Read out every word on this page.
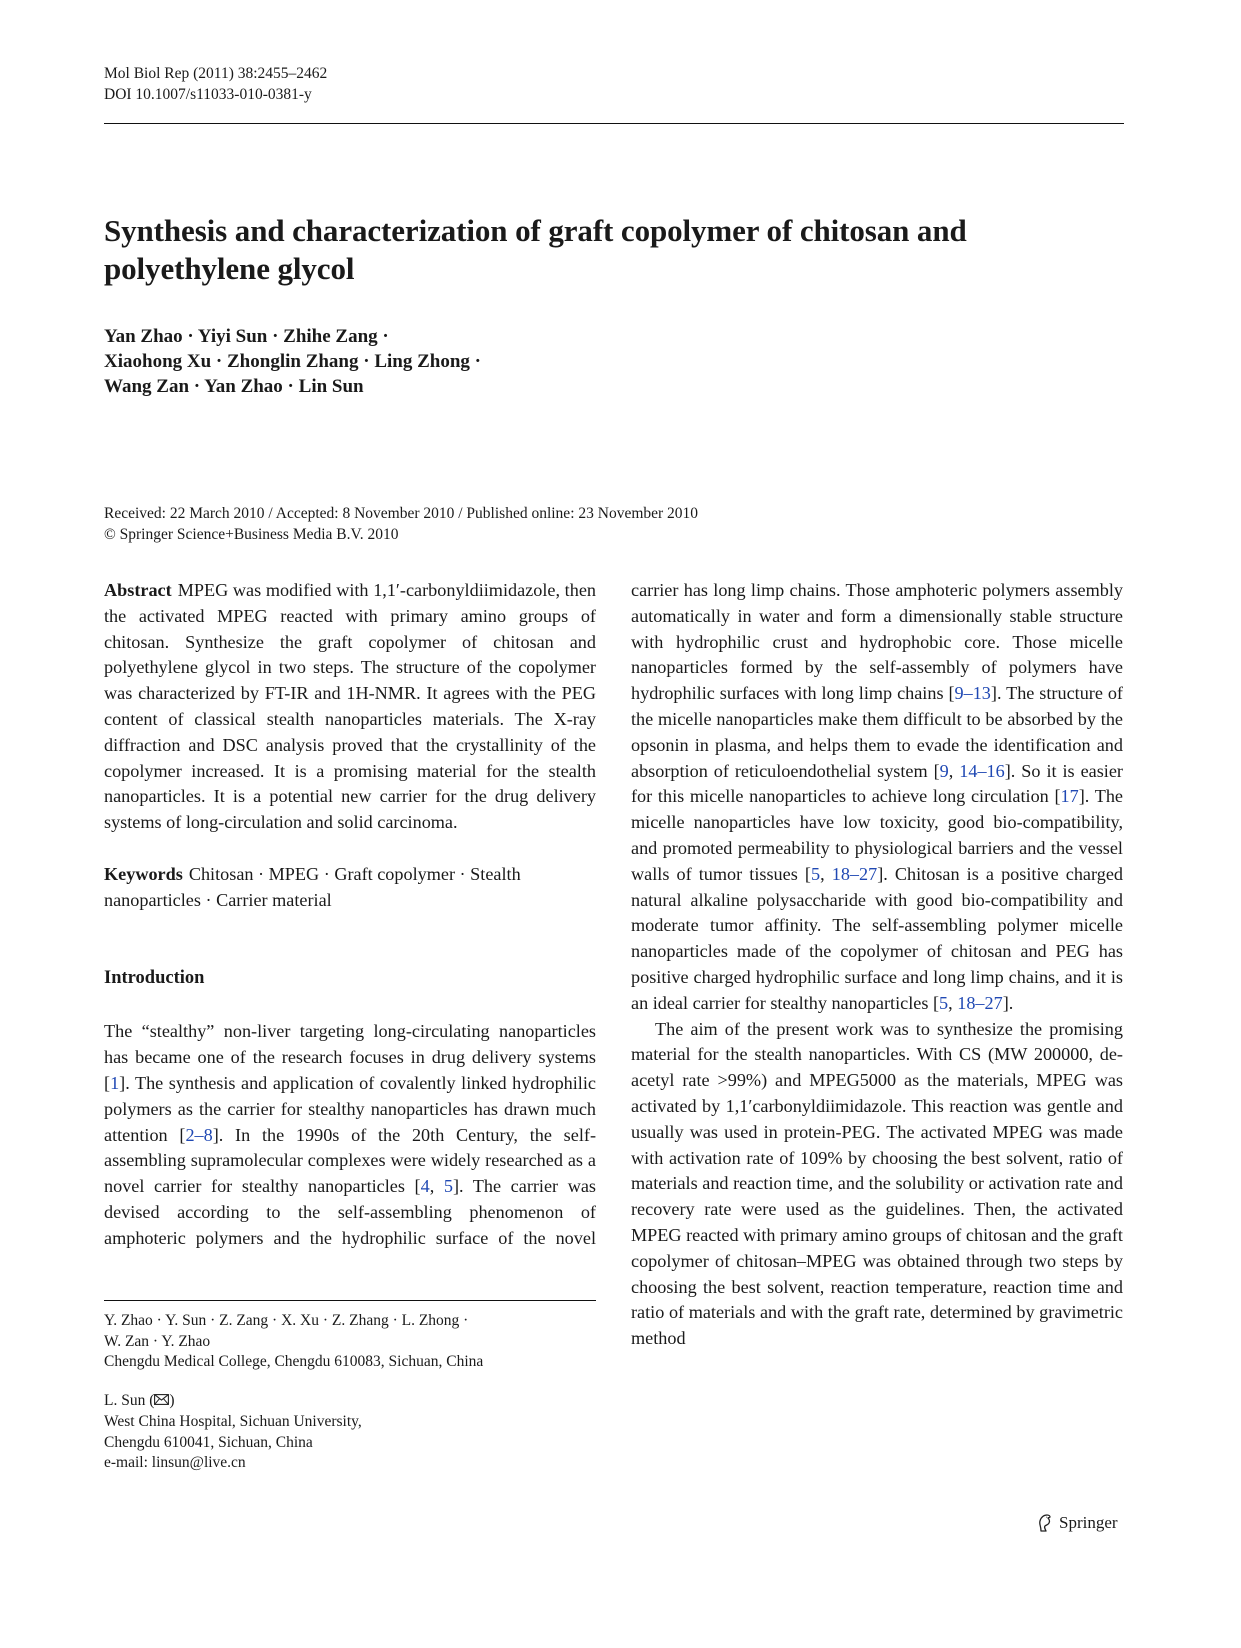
Mol Biol Rep (2011) 38:2455–2462
DOI 10.1007/s11033-010-0381-y
Synthesis and characterization of graft copolymer of chitosan and polyethylene glycol
Yan Zhao · Yiyi Sun · Zhihe Zang ·
Xiaohong Xu · Zhonglin Zhang · Ling Zhong ·
Wang Zan · Yan Zhao · Lin Sun
Received: 22 March 2010 / Accepted: 8 November 2010 / Published online: 23 November 2010
© Springer Science+Business Media B.V. 2010

Abstract MPEG was modified with 1,1′-carbonyldiimidazole, then the activated MPEG reacted with primary amino groups of chitosan. Synthesize the graft copolymer of chitosan and polyethylene glycol in two steps. The structure of the copolymer was characterized by FT-IR and 1H-NMR. It agrees with the PEG content of classical stealth nanoparticles materials. The X-ray diffraction and DSC analysis proved that the crystallinity of the copolymer increased. It is a promising material for the stealth nanoparticles. It is a potential new carrier for the drug delivery systems of long-circulation and solid carcinoma.

Keywords Chitosan · MPEG · Graft copolymer · Stealth nanoparticles · Carrier material

Introduction

The “stealthy” non-liver targeting long-circulating nanoparticles has became one of the research focuses in drug delivery systems [1]. The synthesis and application of covalently linked hydrophilic polymers as the carrier for stealthy nanoparticles has drawn much attention [2–8]. In the 1990s of the 20th Century, the self-assembling supramolecular complexes were widely researched as a novel carrier for stealthy nanoparticles [4, 5]. The carrier was devised according to the self-assembling phenomenon of amphoteric polymers and the hydrophilic surface of the novel

carrier has long limp chains. Those amphoteric polymers assembly automatically in water and form a dimensionally stable structure with hydrophilic crust and hydrophobic core. Those micelle nanoparticles formed by the self-assembly of polymers have hydrophilic surfaces with long limp chains [9–13]. The structure of the micelle nanoparticles make them difficult to be absorbed by the opsonin in plasma, and helps them to evade the identification and absorption of reticuloendothelial system [9, 14–16]. So it is easier for this micelle nanoparticles to achieve long circulation [17]. The micelle nanoparticles have low toxicity, good bio-compatibility, and promoted permeability to physiological barriers and the vessel walls of tumor tissues [5, 18–27]. Chitosan is a positive charged natural alkaline polysaccharide with good bio-compatibility and moderate tumor affinity. The self-assembling polymer micelle nanoparticles made of the copolymer of chitosan and PEG has positive charged hydrophilic surface and long limp chains, and it is an ideal carrier for stealthy nanoparticles [5, 18–27].

The aim of the present work was to synthesize the promising material for the stealth nanoparticles. With CS (MW 200000, de-acetyl rate >99%) and MPEG5000 as the materials, MPEG was activated by 1,1′carbonyldiimidazole. This reaction was gentle and usually was used in protein-PEG. The activated MPEG was made with activation rate of 109% by choosing the best solvent, ratio of materials and reaction time, and the solubility or activation rate and recovery rate were used as the guidelines. Then, the activated MPEG reacted with primary amino groups of chitosan and the graft copolymer of chitosan–MPEG was obtained through two steps by choosing the best solvent, reaction temperature, reaction time and ratio of materials and with the graft rate, determined by gravimetric method

Y. Zhao · Y. Sun · Z. Zang · X. Xu · Z. Zhang · L. Zhong ·
W. Zan · Y. Zhao
Chengdu Medical College, Chengdu 610083, Sichuan, China
L. Sun ( )
West China Hospital, Sichuan University,
Chengdu 610041, Sichuan, China
e-mail: linsun@live.cn
Springer
